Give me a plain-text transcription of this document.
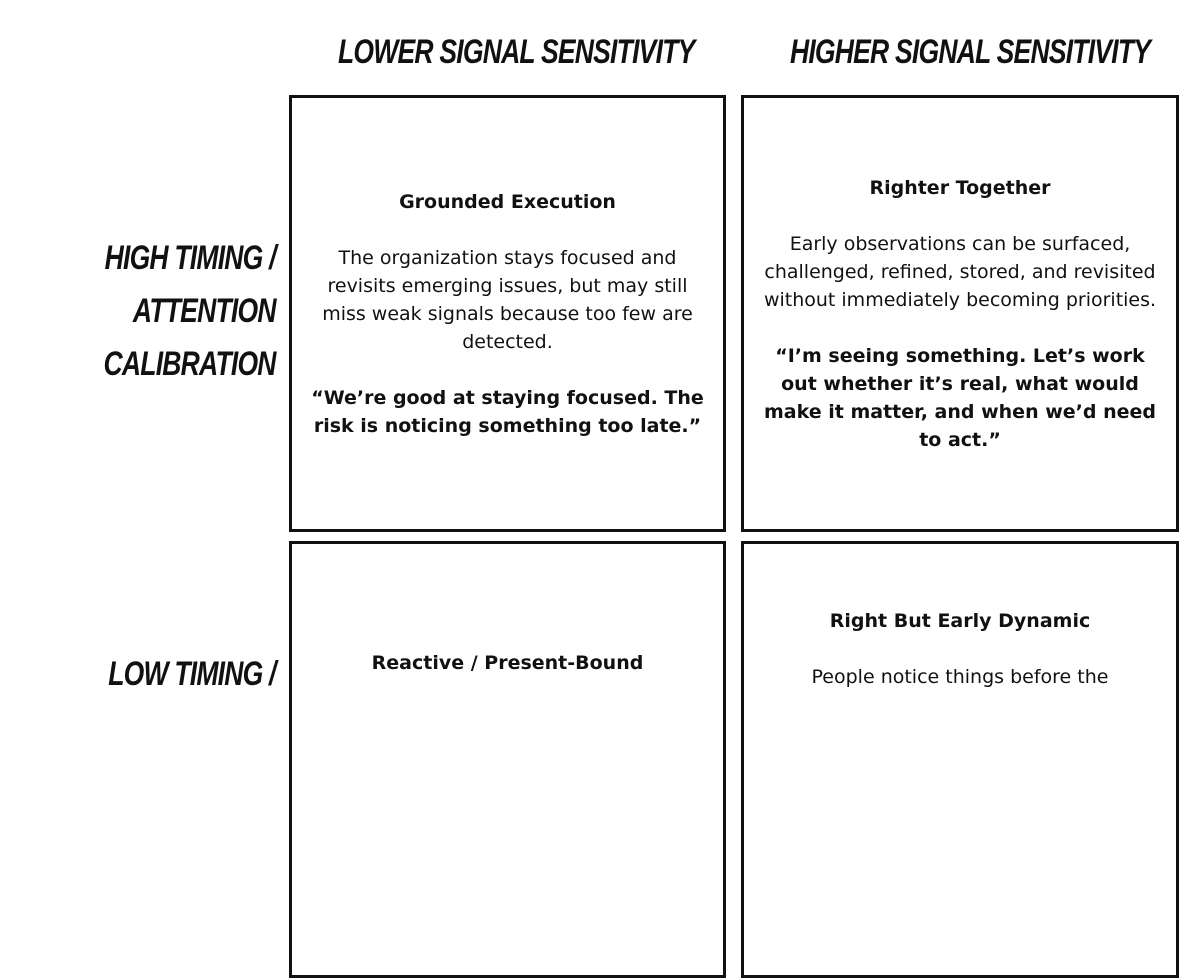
LOWER SIGNAL SENSITIVITY	HIGHER SIGNAL SENSITIVITY
HIGH TIMING /
ATTENTION
CALIBRATION
LOW TIMING /
Grounded Execution
The organization stays focused and revisits emerging issues, but may still miss weak signals because too few are detected.
“We’re good at staying focused. The risk is noticing something too late.”
Righter Together
Early observations can be surfaced, challenged, refined, stored, and revisited without immediately becoming priorities.
“I’m seeing something. Let’s work out whether it’s real, what would make it matter, and when we’d need to act.”
Reactive / Present-Bound
Right But Early Dynamic
People notice things before the
